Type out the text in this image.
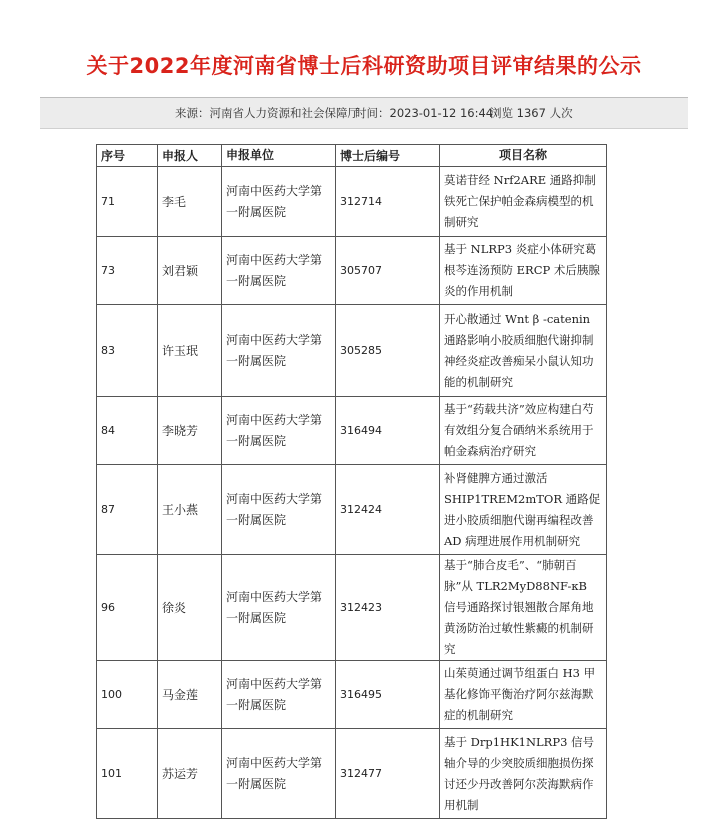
关于2022年度河南省博士后科研资助项目评审结果的公示
来源：河南省人力资源和社会保障厅
时间：2023-01-12 16:44
浏览 1367 人次
序号	申报人	申报单位	博士后编号	项目名称
71	李毛	河南中医药大学第一附属医院	312714	莫诺苷经 Nrf2ARE 通路抑制铁死亡保护帕金森病模型的机制研究
73	刘君颖	河南中医药大学第一附属医院	305707	基于 NLRP3 炎症小体研究葛根芩连汤预防 ERCP 术后胰腺炎的作用机制
83	许玉珉	河南中医药大学第一附属医院	305285	开心散通过 Wnt β -catenin 通路影响小胶质细胞代谢抑制神经炎症改善痴呆小鼠认知功能的机制研究
84	李晓芳	河南中医药大学第一附属医院	316494	基于“药载共济”效应构建白芍有效组分复合硒纳米系统用于帕金森病治疗研究
87	王小燕	河南中医药大学第一附属医院	312424	补肾健脾方通过激活 SHIP1TREM2mTOR 通路促进小胶质细胞代谢再编程改善 AD 病理进展作用机制研究
96	徐炎	河南中医药大学第一附属医院	312423	基于“肺合皮毛”、“肺朝百脉”从 TLR2MyD88NF-κB 信号通路探讨银翘散合犀角地黄汤防治过敏性紫癜的机制研究
100	马金莲	河南中医药大学第一附属医院	316495	山茱萸通过调节组蛋白 H3 甲基化修饰平衡治疗阿尔兹海默症的机制研究
101	苏运芳	河南中医药大学第一附属医院	312477	基于 Drp1HK1NLRP3 信号轴介导的少突胶质细胞损伤探讨还少丹改善阿尔茨海默病作用机制
